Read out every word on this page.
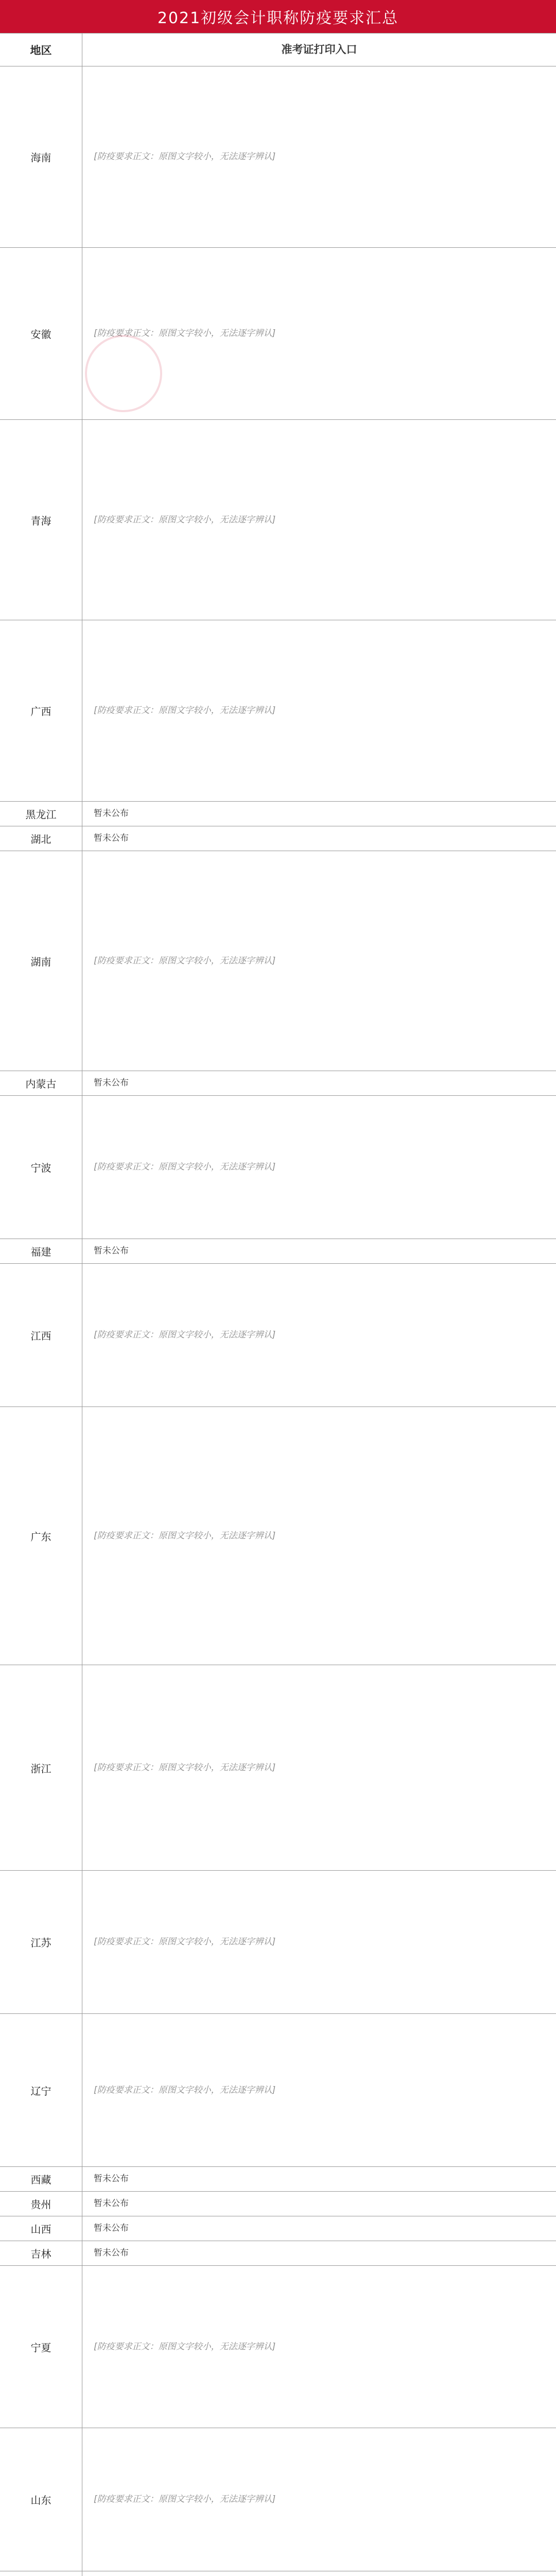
2021初级会计职称防疫要求汇总
地区	准考证打印入口
海南	[防疫要求正文：原图文字较小，无法逐字辨认]
安徽	[防疫要求正文：原图文字较小，无法逐字辨认]
青海	[防疫要求正文：原图文字较小，无法逐字辨认]
广西	[防疫要求正文：原图文字较小，无法逐字辨认]
黑龙江	暂未公布
湖北	暂未公布
湖南	[防疫要求正文：原图文字较小，无法逐字辨认]
内蒙古	暂未公布
宁波	[防疫要求正文：原图文字较小，无法逐字辨认]
福建	暂未公布
江西	[防疫要求正文：原图文字较小，无法逐字辨认]
广东	[防疫要求正文：原图文字较小，无法逐字辨认]
浙江	[防疫要求正文：原图文字较小，无法逐字辨认]
江苏	[防疫要求正文：原图文字较小，无法逐字辨认]
辽宁	[防疫要求正文：原图文字较小，无法逐字辨认]
西藏	暂未公布
贵州	暂未公布
山西	暂未公布
吉林	暂未公布
宁夏	[防疫要求正文：原图文字较小，无法逐字辨认]
山东	[防疫要求正文：原图文字较小，无法逐字辨认]
